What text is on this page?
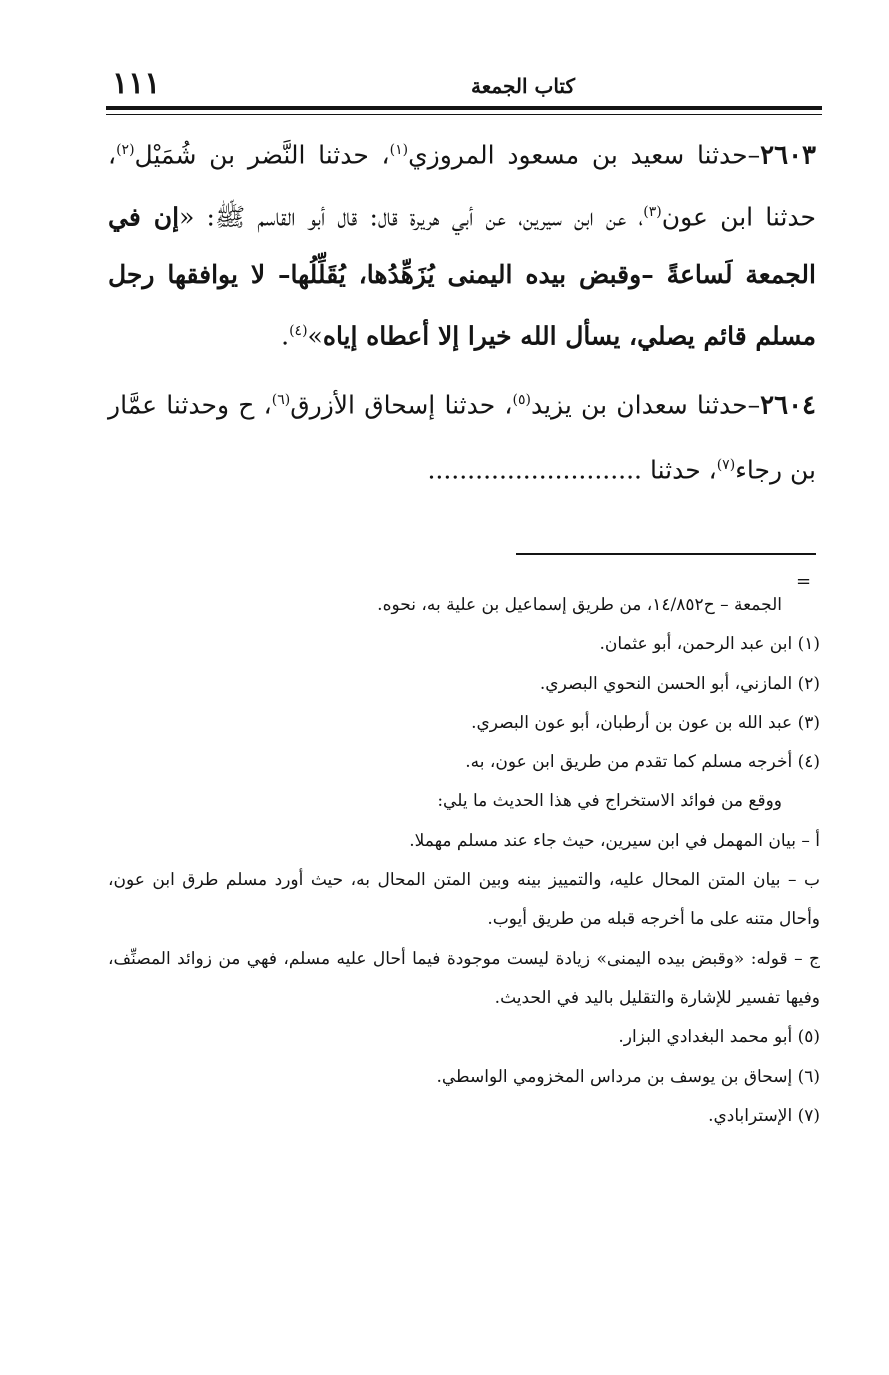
١١١	كتاب الجمعة

٢٦٠٣–حدثنا سعيد بن مسعود المروزي$^{(١)}$، حدثنا النَّضر بن شُمَيْل$^{(٢)}$، حدثنا ابن عون$^{(٣)}$، عن ابن سيرين، عن أبي هريرة قال: قال أبو القاسم ﷺ: «إن في الجمعة لَساعةً –وقبض بيده اليمنى يُزَهِّدُها، يُقَلِّلُها– لا يوافقها رجل مسلم قائم يصلي، يسأل الله خيرا إلا أعطاه إياه»$^{(٤)}$.

٢٦٠٤–حدثنا سعدان بن يزيد$^{(٥)}$، حدثنا إسحاق الأزرق$^{(٦)}$، ح وحدثنا عمَّار بن رجاء$^{(٧)}$، حدثنا ...........................

=

الجمعة – ح١٤/٨٥٢، من طريق إسماعيل بن علية به، نحوه.

(١) ابن عبد الرحمن، أبو عثمان.

(٢) المازني، أبو الحسن النحوي البصري.

(٣) عبد الله بن عون بن أرطبان، أبو عون البصري.

(٤) أخرجه مسلم كما تقدم من طريق ابن عون، به.

ووقع من فوائد الاستخراج في هذا الحديث ما يلي:

أ – بيان المهمل في ابن سيرين، حيث جاء عند مسلم مهملا.

ب – بيان المتن المحال عليه، والتمييز بينه وبين المتن المحال به، حيث أورد مسلم طرق ابن عون، وأحال متنه على ما أخرجه قبله من طريق أيوب.

ج – قوله: «وقبض بيده اليمنى» زيادة ليست موجودة فيما أحال عليه مسلم، فهي من زوائد المصنِّف، وفيها تفسير للإشارة والتقليل باليد في الحديث.

(٥) أبو محمد البغدادي البزار.

(٦) إسحاق بن يوسف بن مرداس المخزومي الواسطي.

(٧) الإسترابادي.
